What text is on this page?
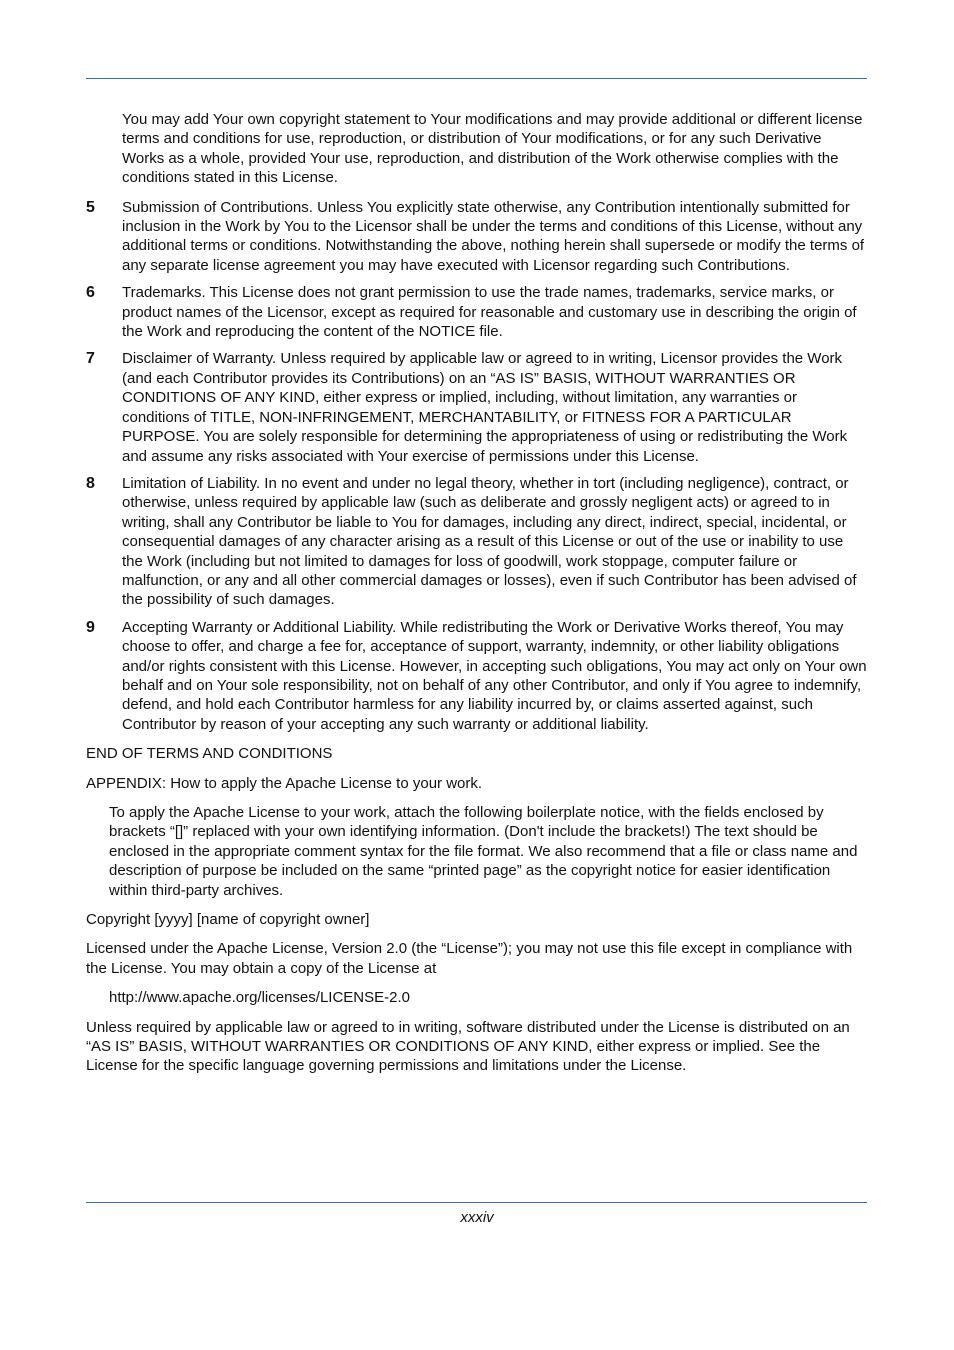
You may add Your own copyright statement to Your modifications and may provide additional or different license terms and conditions for use, reproduction, or distribution of Your modifications, or for any such Derivative Works as a whole, provided Your use, reproduction, and distribution of the Work otherwise complies with the conditions stated in this License.

5 Submission of Contributions. Unless You explicitly state otherwise, any Contribution intentionally submitted for inclusion in the Work by You to the Licensor shall be under the terms and conditions of this License, without any additional terms or conditions. Notwithstanding the above, nothing herein shall supersede or modify the terms of any separate license agreement you may have executed with Licensor regarding such Contributions.

6 Trademarks. This License does not grant permission to use the trade names, trademarks, service marks, or product names of the Licensor, except as required for reasonable and customary use in describing the origin of the Work and reproducing the content of the NOTICE file.

7 Disclaimer of Warranty. Unless required by applicable law or agreed to in writing, Licensor provides the Work (and each Contributor provides its Contributions) on an “AS IS” BASIS, WITHOUT WARRANTIES OR CONDITIONS OF ANY KIND, either express or implied, including, without limitation, any warranties or conditions of TITLE, NON-INFRINGEMENT, MERCHANTABILITY, or FITNESS FOR A PARTICULAR PURPOSE. You are solely responsible for determining the appropriateness of using or redistributing the Work and assume any risks associated with Your exercise of permissions under this License.

8 Limitation of Liability. In no event and under no legal theory, whether in tort (including negligence), contract, or otherwise, unless required by applicable law (such as deliberate and grossly negligent acts) or agreed to in writing, shall any Contributor be liable to You for damages, including any direct, indirect, special, incidental, or consequential damages of any character arising as a result of this License or out of the use or inability to use the Work (including but not limited to damages for loss of goodwill, work stoppage, computer failure or malfunction, or any and all other commercial damages or losses), even if such Contributor has been advised of the possibility of such damages.

9 Accepting Warranty or Additional Liability. While redistributing the Work or Derivative Works thereof, You may choose to offer, and charge a fee for, acceptance of support, warranty, indemnity, or other liability obligations and/or rights consistent with this License. However, in accepting such obligations, You may act only on Your own behalf and on Your sole responsibility, not on behalf of any other Contributor, and only if You agree to indemnify, defend, and hold each Contributor harmless for any liability incurred by, or claims asserted against, such Contributor by reason of your accepting any such warranty or additional liability.

END OF TERMS AND CONDITIONS

APPENDIX: How to apply the Apache License to your work.

To apply the Apache License to your work, attach the following boilerplate notice, with the fields enclosed by brackets “[]” replaced with your own identifying information. (Don't include the brackets!) The text should be enclosed in the appropriate comment syntax for the file format. We also recommend that a file or class name and description of purpose be included on the same “printed page” as the copyright notice for easier identification within third-party archives.

Copyright [yyyy] [name of copyright owner]

Licensed under the Apache License, Version 2.0 (the “License”); you may not use this file except in compliance with the License. You may obtain a copy of the License at

http://www.apache.org/licenses/LICENSE-2.0

Unless required by applicable law or agreed to in writing, software distributed under the License is distributed on an “AS IS” BASIS, WITHOUT WARRANTIES OR CONDITIONS OF ANY KIND, either express or implied. See the License for the specific language governing permissions and limitations under the License.

xxxiv
